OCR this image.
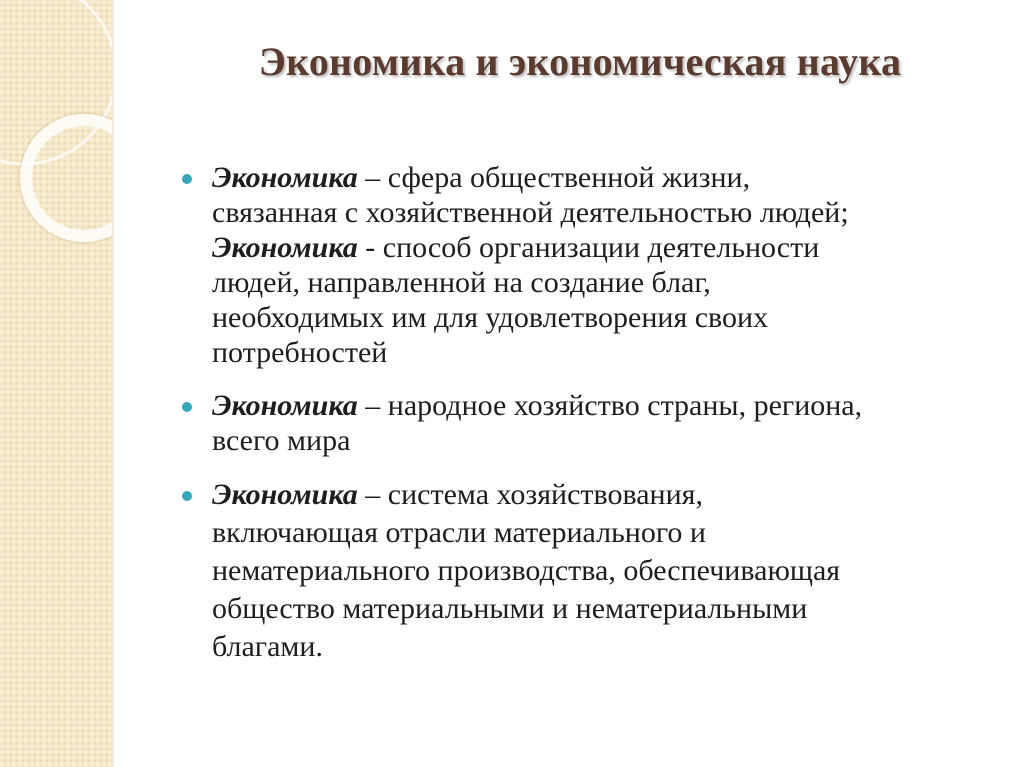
Экономика и экономическая наука
Экономика – сфера общественной жизни,
связанная с хозяйственной деятельностью людей;
Экономика - способ организации деятельности
людей, направленной на создание благ,
необходимых им для удовлетворения своих
потребностей
Экономика – народное хозяйство страны, региона,
всего мира
Экономика – система хозяйствования,
включающая отрасли материального и
нематериального производства, обеспечивающая
общество материальными и нематериальными
благами.
